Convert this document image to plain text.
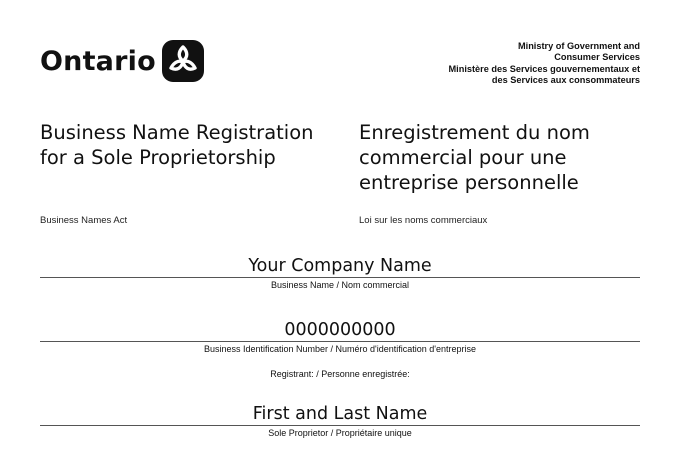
Ontario	Ministry of Government and
Consumer Services
Ministère des Services gouvernementaux et
des Services aux consommateurs
Business Name Registration for a Sole Proprietorship
Enregistrement du nom commercial pour une entreprise personnelle
Business Names Act	Loi sur les noms commerciaux
Your Company Name
Business Name / Nom commercial
0000000000
Business Identification Number / Numéro d'identification d'entreprise
Registrant: / Personne enregistrée:
First and Last Name
Sole Proprietor / Propriétaire unique
